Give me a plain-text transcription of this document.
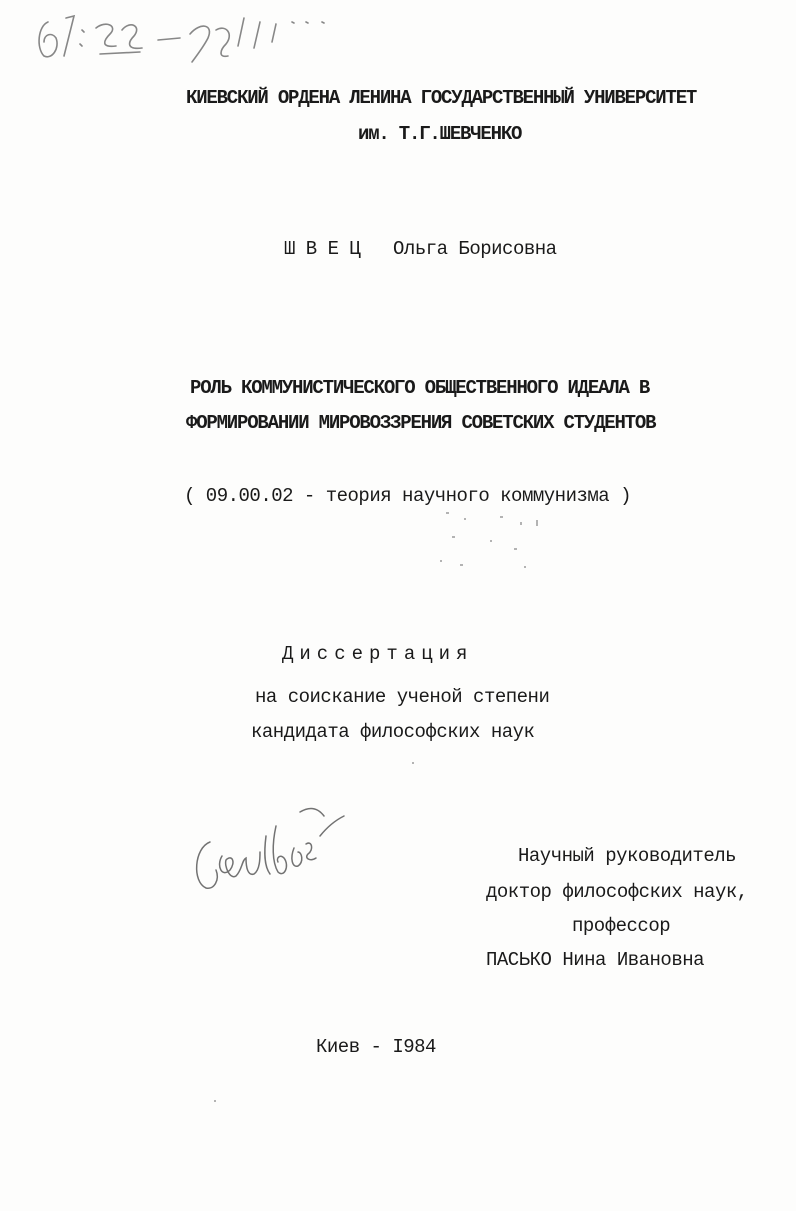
КИЕВСКИЙ ОРДЕНА ЛЕНИНА ГОСУДАРСТВЕННЫЙ УНИВЕРСИТЕТ
им. Т.Г.ШЕВЧЕНКО
Ш В Е Ц   Ольга Борисовна
РОЛЬ КОММУНИСТИЧЕСКОГО ОБЩЕСТВЕННОГО ИДЕАЛА В
ФОРМИРОВАНИИ МИРОВОЗЗРЕНИЯ СОВЕТСКИХ СТУДЕНТОВ
( 09.00.02 - теория научного коммунизма )
Диссертация
на соискание ученой степени
кандидата философских наук
Научный руководитель
доктор философских наук,
профессор
ПАСЬКО Нина Ивановна
Киев - I984
